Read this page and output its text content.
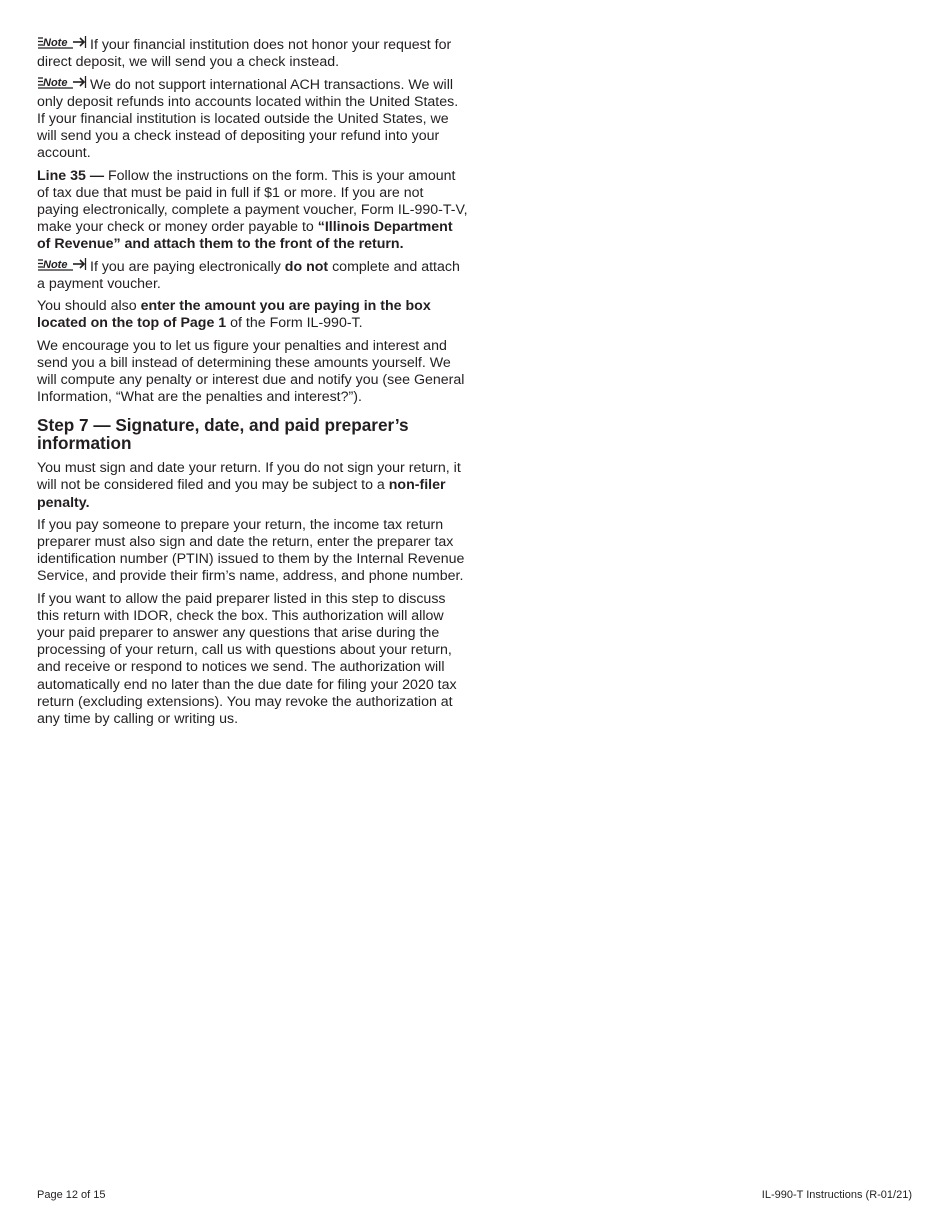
Note If your financial institution does not honor your request for direct deposit, we will send you a check instead.

Note We do not support international ACH transactions. We will only deposit refunds into accounts located within the United States. If your financial institution is located outside the United States, we will send you a check instead of depositing your refund into your account.

Line 35 — Follow the instructions on the form. This is your amount of tax due that must be paid in full if $1 or more. If you are not paying electronically, complete a payment voucher, Form IL-990-T-V, make your check or money order payable to “Illinois Department of Revenue” and attach them to the front of the return.

Note If you are paying electronically do not complete and attach a payment voucher.

You should also enter the amount you are paying in the box located on the top of Page 1 of the Form IL-990-T.

We encourage you to let us figure your penalties and interest and send you a bill instead of determining these amounts yourself. We will compute any penalty or interest due and notify you (see General Information, “What are the penalties and interest?”).

Step 7 — Signature, date, and paid preparer’s information

You must sign and date your return. If you do not sign your return, it will not be considered filed and you may be subject to a non-filer penalty.

If you pay someone to prepare your return, the income tax return preparer must also sign and date the return, enter the preparer tax identification number (PTIN) issued to them by the Internal Revenue Service, and provide their firm’s name, address, and phone number.

If you want to allow the paid preparer listed in this step to discuss this return with IDOR, check the box. This authorization will allow your paid preparer to answer any questions that arise during the processing of your return, call us with questions about your return, and receive or respond to notices we send. The authorization will automatically end no later than the due date for filing your 2020 tax return (excluding extensions). You may revoke the authorization at any time by calling or writing us.

Page 12 of 15	IL-990-T Instructions (R-01/21)
